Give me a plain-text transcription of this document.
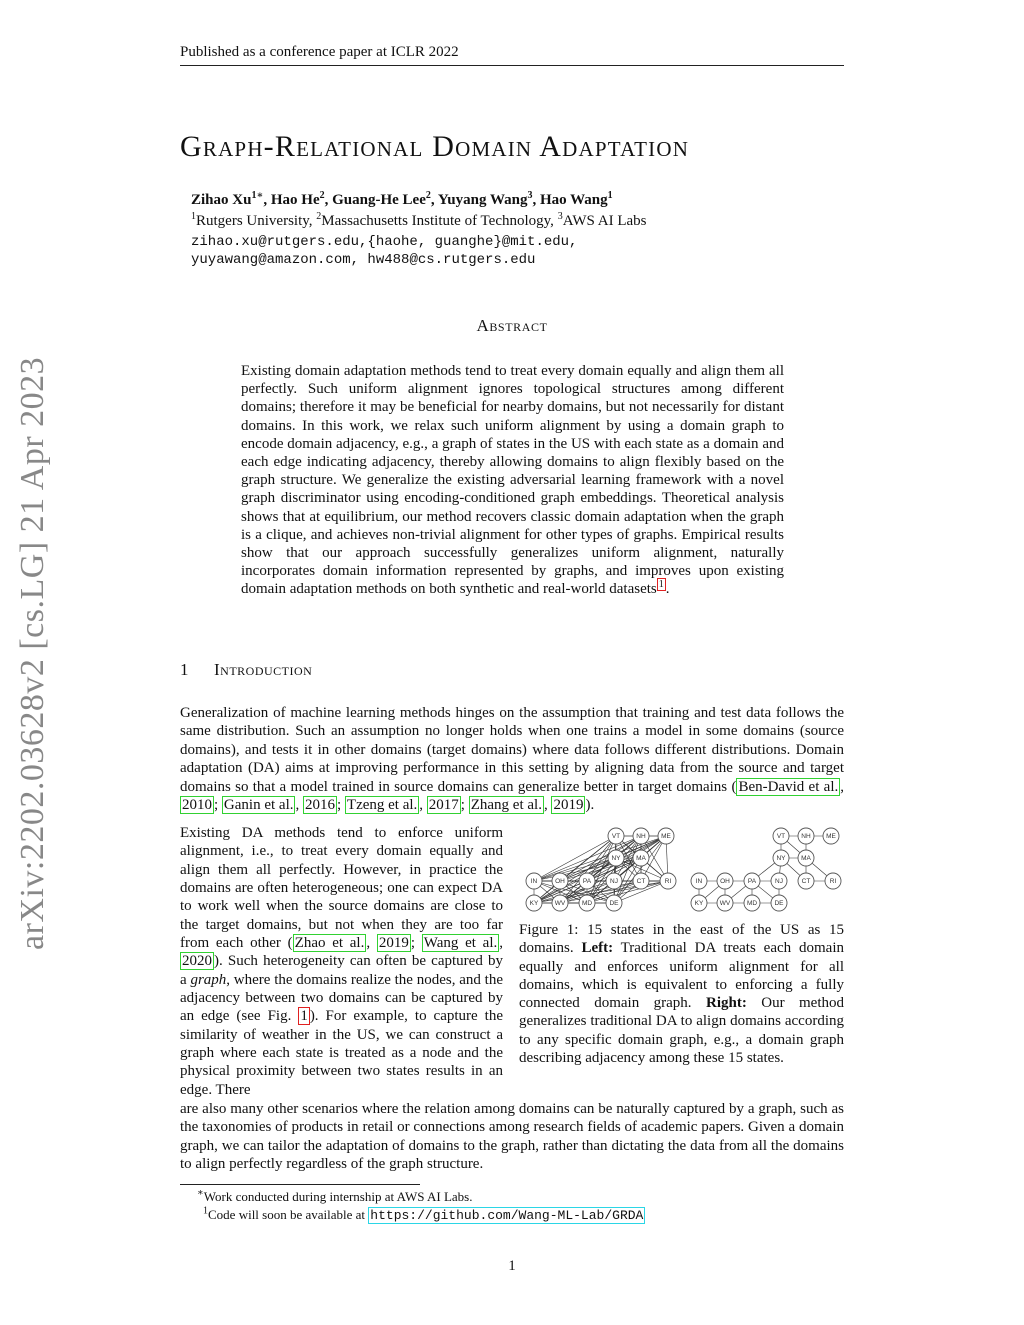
Published as a conference paper at ICLR 2022
Graph-Relational Domain Adaptation
Zihao $Xu^{1∗}$, Hao He$^2$, Guang-He Lee$^2$, Yuyang Wang$^3$, Hao Wang$^1$
$^1$Rutgers University, $^2$Massachusetts Institute of Technology, $^3$AWS AI Labs
zihao.xu@rutgers.edu,{haohe, guanghe}@mit.edu,
yuyawang@amazon.com, hw488@cs.rutgers.edu
Abstract
Existing domain adaptation methods tend to treat every domain equally and align them all perfectly. Such uniform alignment ignores topological structures among different domains; therefore it may be beneficial for nearby domains, but not necessarily for distant domains. In this work, we relax such uniform alignment by using a domain graph to encode domain adjacency, e.g., a graph of states in the US with each state as a domain and each edge indicating adjacency, thereby allowing domains to align flexibly based on the graph structure. We generalize the existing adversarial learning framework with a novel graph discriminator using encoding-conditioned graph embeddings. Theoretical analysis shows that at equilibrium, our method recovers classic domain adaptation when the graph is a clique, and achieves non-trivial alignment for other types of graphs. Empirical results show that our approach successfully generalizes uniform alignment, naturally incorporates domain information represented by graphs, and improves upon existing domain adaptation methods on both synthetic and real-world datasets $^1$ .
arXiv:2202.03628v2 [cs.LG] 21 Apr 2023	1 Introduction
Generalization of machine learning methods hinges on the assumption that training and test data follows the same distribution. Such an assumption no longer holds when one trains a model in some domains (source domains), and tests it in other domains (target domains) where data follows different distributions. Domain adaptation (DA) aims at improving performance in this setting by aligning data from the source and target domains so that a model trained in source domains can generalize better in target domains ( Ben-David et al. , 2010 ; Ganin et al. , 2016 ; Tzeng et al. , 2017 ; Zhang et al. , 2019 ).
Existing DA methods tend to enforce uniform alignment, i.e., to treat every domain equally and align them all perfectly. However, in practice the domains are often heterogeneous; one can expect DA to work well when the source domains are close to the target domains, but not when they are too far from each other ( Zhao et al. , 2019 ; Wang et al. , 2020 ). Such heterogeneity can often be captured by a graph, where the domains realize the nodes, and the adjacency between two domains can be captured by an edge (see Fig. 1 ). For example, to capture the similarity of weather in the US, we can construct a graph where each state is treated as a node and the physical proximity between two states results in an edge. There
VT NH ME
NY MA
IN	OH	PA	NJ	CT	RI
KY	WV	MD	DE
VT NH ME
NY MA
IN	OH	PA	NJ	CT	RI
KY	WV	MD	DE
Figure 1: 15 states in the east of the US as 15 domains. Left: Traditional DA treats each domain equally and enforces uniform alignment for all domains, which is equivalent to enforcing a fully connected domain graph. Right: Our method generalizes traditional DA to align domains according to any specific domain graph, e.g., a domain graph describing adjacency among these 15 states.
are also many other scenarios where the relation among domains can be naturally captured by a graph, such as the taxonomies of products in retail or connections among research fields of academic papers. Given a domain graph, we can tailor the adaptation of domains to the graph, rather than dictating the data from all the domains to align perfectly regardless of the graph structure.
∗Work conducted during internship at AWS AI Labs.
$^1$Code will soon be available at https://github.com/Wang-ML-Lab/GRDA
1
